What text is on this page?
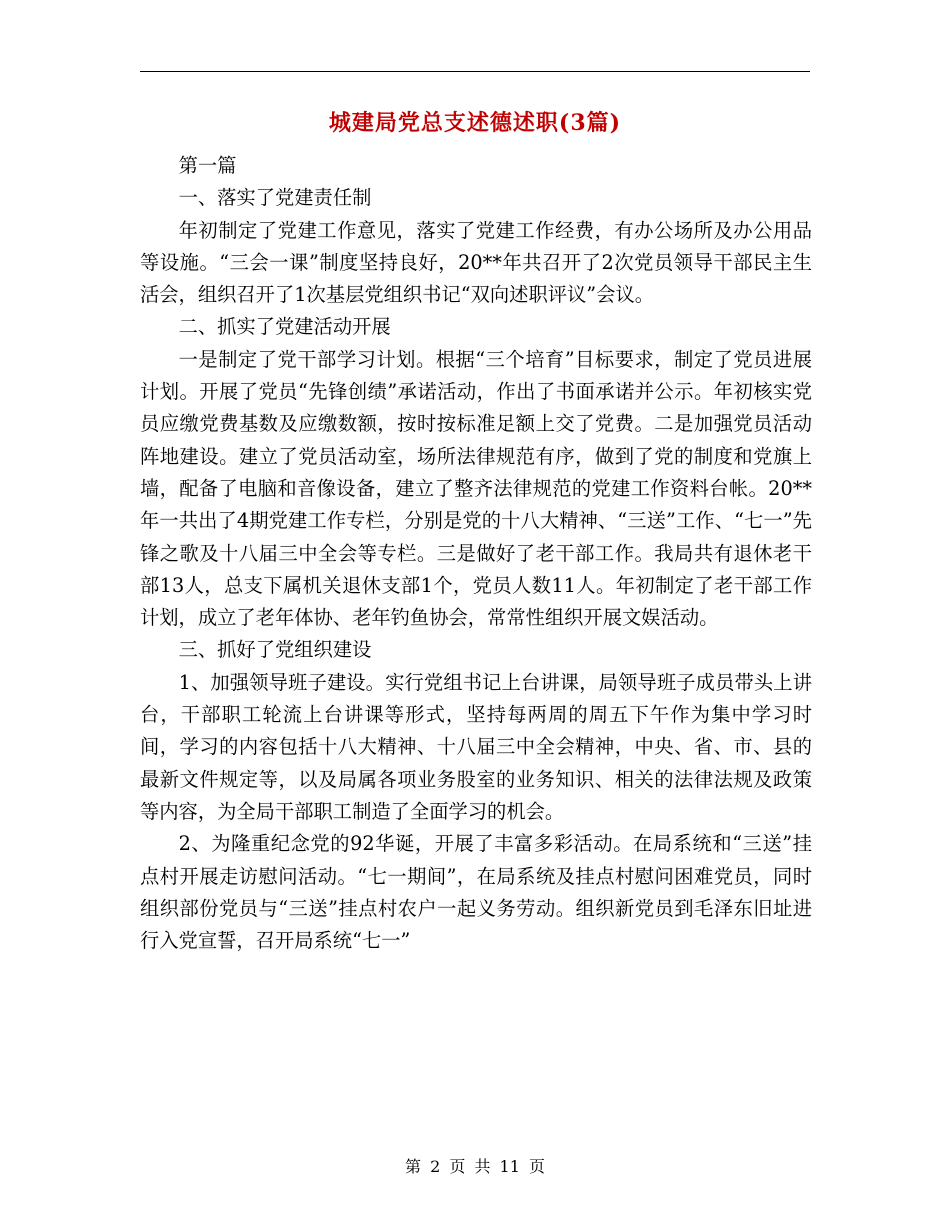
城建局党总支述德述职(3篇)

第一篇

一、落实了党建责任制

年初制定了党建工作意见，落实了党建工作经费，有办公场所及办公用品等设施。“三会一课”制度坚持良好，20**年共召开了2次党员领导干部民主生活会，组织召开了1次基层党组织书记“双向述职评议”会议。

二、抓实了党建活动开展

一是制定了党干部学习计划。根据“三个培育”目标要求，制定了党员进展计划。开展了党员“先锋创绩”承诺活动，作出了书面承诺并公示。年初核实党员应缴党费基数及应缴数额，按时按标准足额上交了党费。二是加强党员活动阵地建设。建立了党员活动室，场所法律规范有序，做到了党的制度和党旗上墙，配备了电脑和音像设备，建立了整齐法律规范的党建工作资料台帐。20**年一共出了4期党建工作专栏，分别是党的十八大精神、“三送”工作、“七一”先锋之歌及十八届三中全会等专栏。三是做好了老干部工作。我局共有退休老干部13人，总支下属机关退休支部1个，党员人数11人。年初制定了老干部工作计划，成立了老年体协、老年钓鱼协会，常常性组织开展文娱活动。

三、抓好了党组织建设

1、加强领导班子建设。实行党组书记上台讲课，局领导班子成员带头上讲台，干部职工轮流上台讲课等形式，坚持每两周的周五下午作为集中学习时间，学习的内容包括十八大精神、十八届三中全会精神，中央、省、市、县的最新文件规定等，以及局属各项业务股室的业务知识、相关的法律法规及政策等内容，为全局干部职工制造了全面学习的机会。

2、为隆重纪念党的92华诞，开展了丰富多彩活动。在局系统和“三送”挂点村开展走访慰问活动。“七一期间”，在局系统及挂点村慰问困难党员，同时组织部份党员与“三送”挂点村农户一起义务劳动。组织新党员到毛泽东旧址进行入党宣誓，召开局系统“七一”

第 2 页 共 11 页
